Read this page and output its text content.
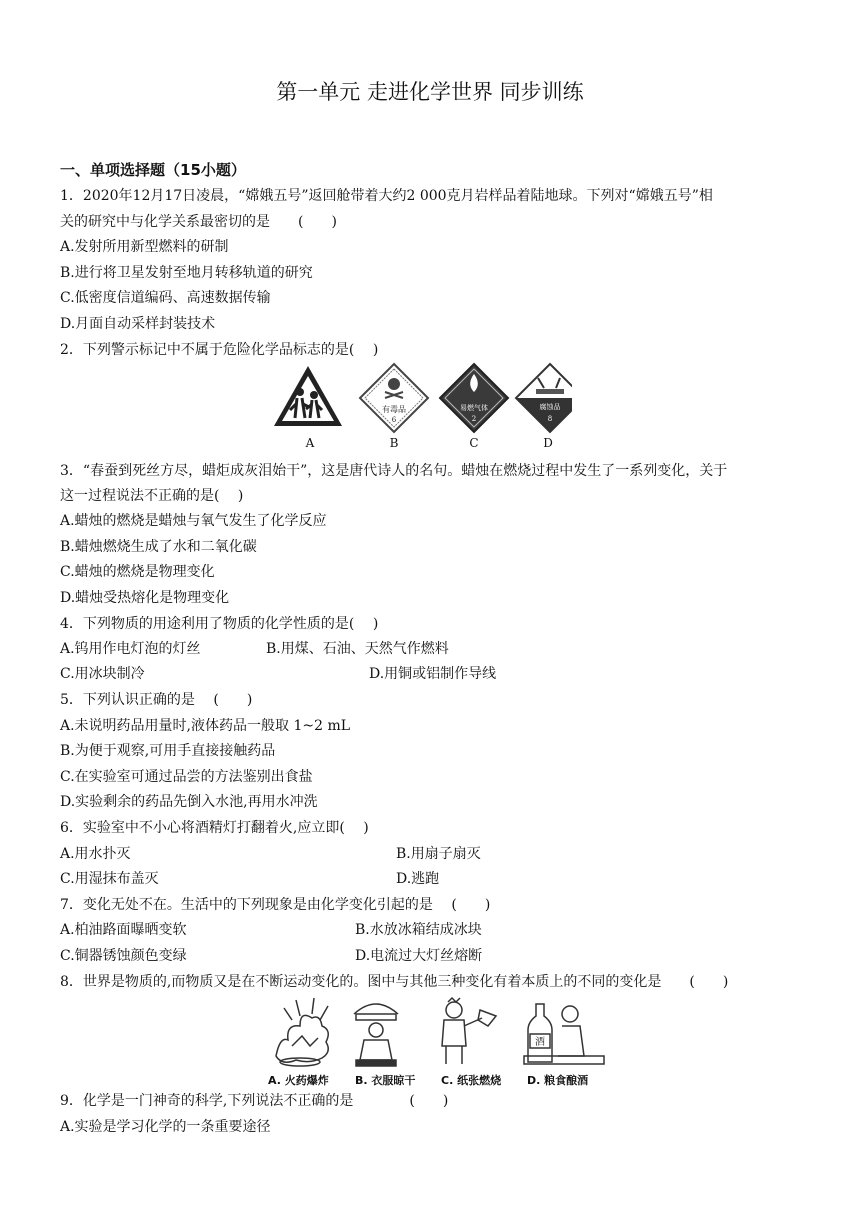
第一单元 走进化学世界 同步训练
一、单项选择题（15小题）
1．2020年12月17日凌晨，“嫦娥五号”返回舱带着大约2 000克月岩样品着陆地球。下列对“嫦娥五号”相
关的研究中与化学关系最密切的是　　(　　)
A.发射所用新型燃料的研制
B.进行将卫星发射至地月转移轨道的研究
C.低密度信道编码、高速数据传输
D.月面自动采样封装技术
2．下列警示标记中不属于危险化学品标志的是(　 )
有毒品
6
易燃气体
2
腐蚀品
8
A	B	C	D
3．“春蚕到死丝方尽，蜡炬成灰泪始干”，这是唐代诗人的名句。蜡烛在燃烧过程中发生了一系列变化，关于
这一过程说法不正确的是(　 )
A.蜡烛的燃烧是蜡烛与氧气发生了化学反应
B.蜡烛燃烧生成了水和二氧化碳
C.蜡烛的燃烧是物理变化
D.蜡烛受热熔化是物理变化
4．下列物质的用途利用了物质的化学性质的是(　 )
A.钨用作电灯泡的灯丝	B.用煤、石油、天然气作燃料
C.用冰块制冷	D.用铜或铝制作导线
5．下列认识正确的是 　(　　)
A.未说明药品用量时,液体药品一般取 1~2 mL
B.为便于观察,可用手直接接触药品
C.在实验室可通过品尝的方法鉴别出食盐
D.实验剩余的药品先倒入水池,再用水冲洗
6．实验室中不小心将酒精灯打翻着火,应立即(　 )
A.用水扑灭	B.用扇子扇灭
C.用湿抹布盖灭	D.逃跑
7．变化无处不在。生活中的下列现象是由化学变化引起的是 　(　　)
A.柏油路面曝晒变软	B.水放冰箱结成冰块
C.铜器锈蚀颜色变绿	D.电流过大灯丝熔断
8．世界是物质的,而物质又是在不断运动变化的。图中与其他三种变化有着本质上的不同的变化是　　(　　)
酒
A. 火药爆炸 B. 衣服晾干 C. 纸张燃烧 D. 粮食酿酒
9．化学是一门神奇的科学,下列说法不正确的是　　　　(　　)
A.实验是学习化学的一条重要途径
